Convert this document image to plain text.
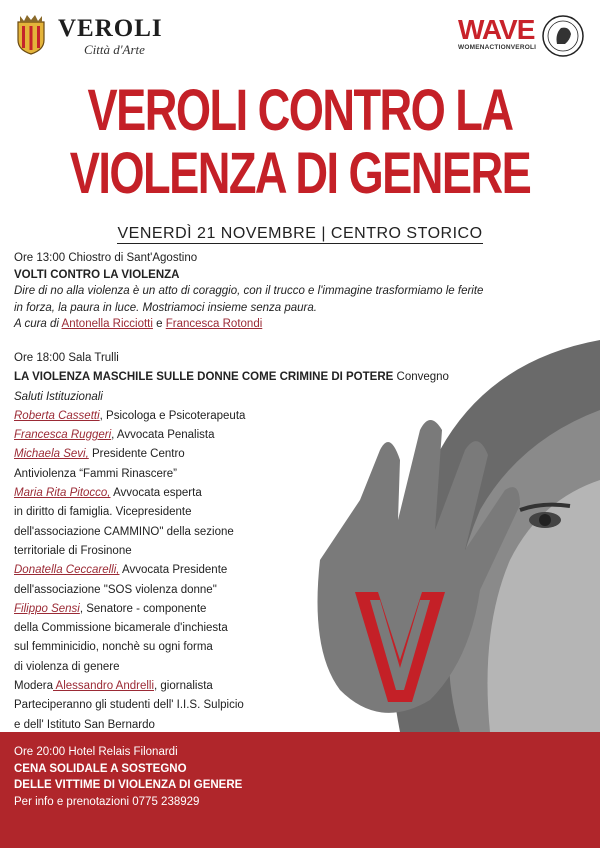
VEROLI
Città d'Arte
WAVE
WOMENACTIONVEROLI
VEROLI CONTRO LA
VIOLENZA DI GENERE
VENERDÌ 21 NOVEMBRE | CENTRO STORICO
Ore 13:00 Chiostro di Sant'Agostino
VOLTI CONTRO LA VIOLENZA
Dire di no alla violenza è un atto di coraggio, con il trucco e l'immagine trasformiamo le ferite
in forza, la paura in luce. Mostriamoci insieme senza paura.
A cura di Antonella Ricciotti e Francesca Rotondi
Ore 18:00 Sala Trulli
LA VIOLENZA MASCHILE SULLE DONNE COME CRIMINE DI POTERE Convegno
Saluti Istituzionali
Roberta Cassetti, Psicologa e Psicoterapeuta
Francesca Ruggeri, Avvocata Penalista
Michaela Sevi, Presidente Centro
Antiviolenza “Fammi Rinascere”
Maria Rita Pitocco, Avvocata esperta
in diritto di famiglia. Vicepresidente
dell'associazione CAMMINO" della sezione
territoriale di Frosinone
Donatella Ceccarelli, Avvocata Presidente
dell'associazione "SOS violenza donne"
Filippo Sensi, Senatore - componente
della Commissione bicamerale d'inchiesta
sul femminicidio, nonchè su ogni forma
di violenza di genere
Modera Alessandro Andrelli, giornalista
Parteciperanno gli studenti dell' I.I.S. Sulpicio
e dell' Istituto San Bernardo
Ore 20:00 Hotel Relais Filonardi
CENA SOLIDALE A SOSTEGNO
DELLE VITTIME DI VIOLENZA DI GENERE
Per info e prenotazioni 0775 238929
